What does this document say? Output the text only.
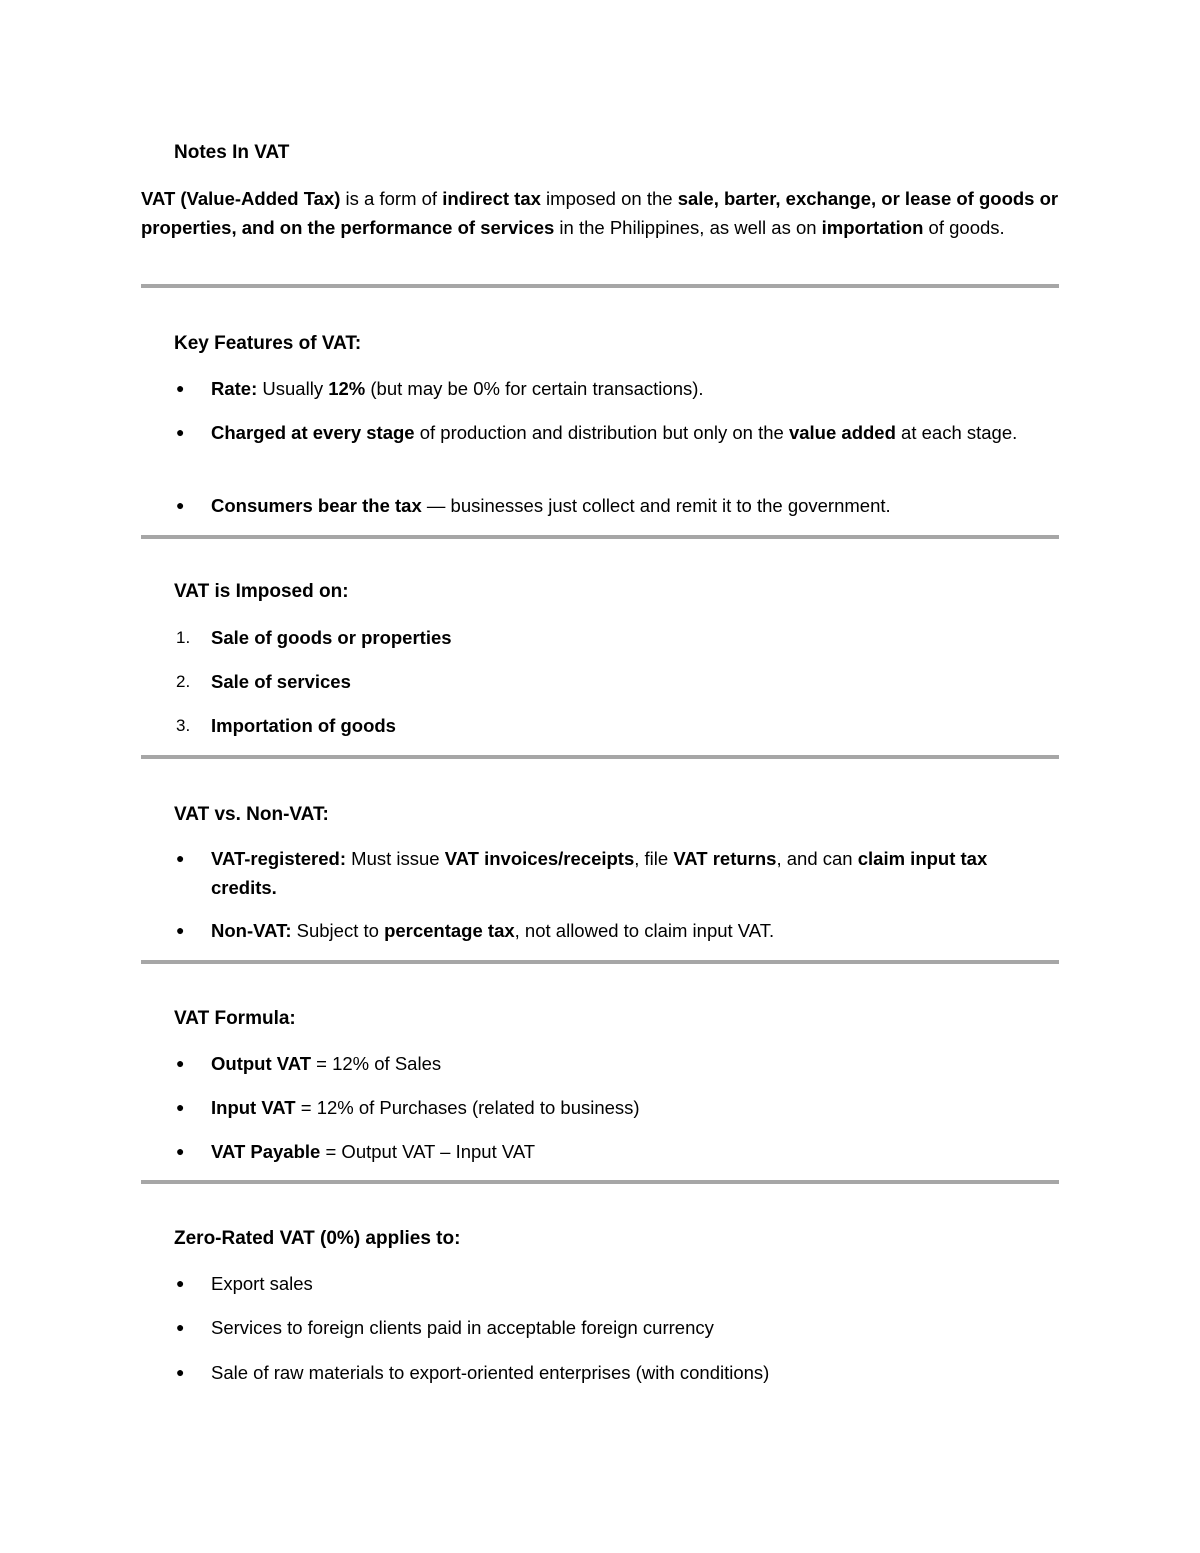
Notes In VAT
VAT (Value-Added Tax) is a form of indirect tax imposed on the sale, barter, exchange, or lease of goods or properties, and on the performance of services in the Philippines, as well as on importation of goods.
Key Features of VAT:
●	Rate: Usually 12% (but may be 0% for certain transactions).
●	Charged at every stage of production and distribution but only on the value added at each stage.
●	Consumers bear the tax — businesses just collect and remit it to the government.
VAT is Imposed on:
1.	Sale of goods or properties
2.	Sale of services
3.	Importation of goods
VAT vs. Non-VAT:
●	VAT-registered: Must issue VAT invoices/receipts, file VAT returns, and can claim input tax credits.
●	Non-VAT: Subject to percentage tax, not allowed to claim input VAT.
VAT Formula:
●	Output VAT = 12% of Sales
●	Input VAT = 12% of Purchases (related to business)
●	VAT Payable = Output VAT – Input VAT
Zero-Rated VAT (0%) applies to:
●	Export sales
●	Services to foreign clients paid in acceptable foreign currency
●	Sale of raw materials to export-oriented enterprises (with conditions)
